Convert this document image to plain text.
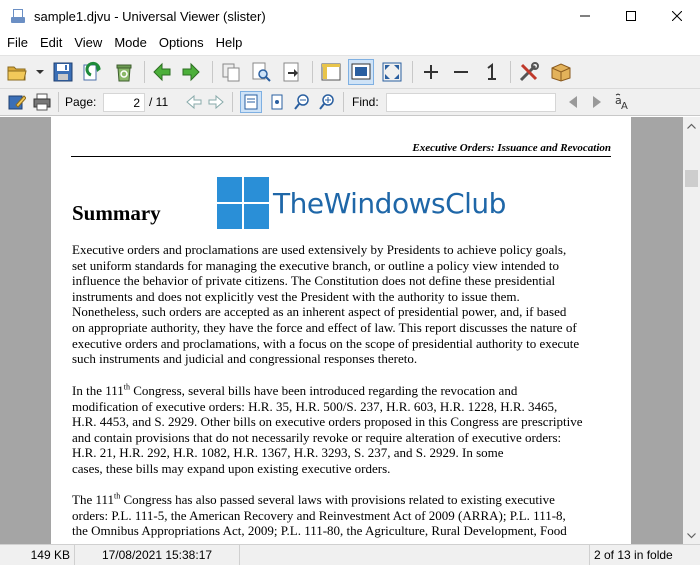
sample1.djvu - Universal Viewer (slister)
File Edit View Mode Options Help
Page:
2	/ 11	Find:	a A
Executive Orders: Issuance and Revocation
Summary	TheWindowsClub

Executive orders and proclamations are used extensively by Presidents to achieve policy goals,

set uniform standards for managing the executive branch, or outline a policy view intended to

influence the behavior of private citizens. The Constitution does not define these presidential

instruments and does not explicitly vest the President with the authority to issue them.

Nonetheless, such orders are accepted as an inherent aspect of presidential power, and, if based

on appropriate authority, they have the force and effect of law. This report discusses the nature of

executive orders and proclamations, with a focus on the scope of presidential authority to execute

such instruments and judicial and congressional responses thereto.

In the 111th Congress, several bills have been introduced regarding the revocation and

modification of executive orders: H.R. 35, H.R. 500/S. 237, H.R. 603, H.R. 1228, H.R. 3465,

H.R. 4453, and S. 2929. Other bills on executive orders proposed in this Congress are prescriptive

and contain provisions that do not necessarily revoke or require alteration of executive orders:

H.R. 21, H.R. 292, H.R. 1082, H.R. 1367, H.R. 3293, S. 237, and S. 2929. In some

cases, these bills may expand upon existing executive orders.

The 111th Congress has also passed several laws with provisions related to existing executive

orders: P.L. 111-5, the American Recovery and Reinvestment Act of 2009 (ARRA); P.L. 111-8,

the Omnibus Appropriations Act, 2009; P.L. 111-80, the Agriculture, Rural Development, Food

149 KB	17/08/2021 15:38:17	2 of 13 in folde
